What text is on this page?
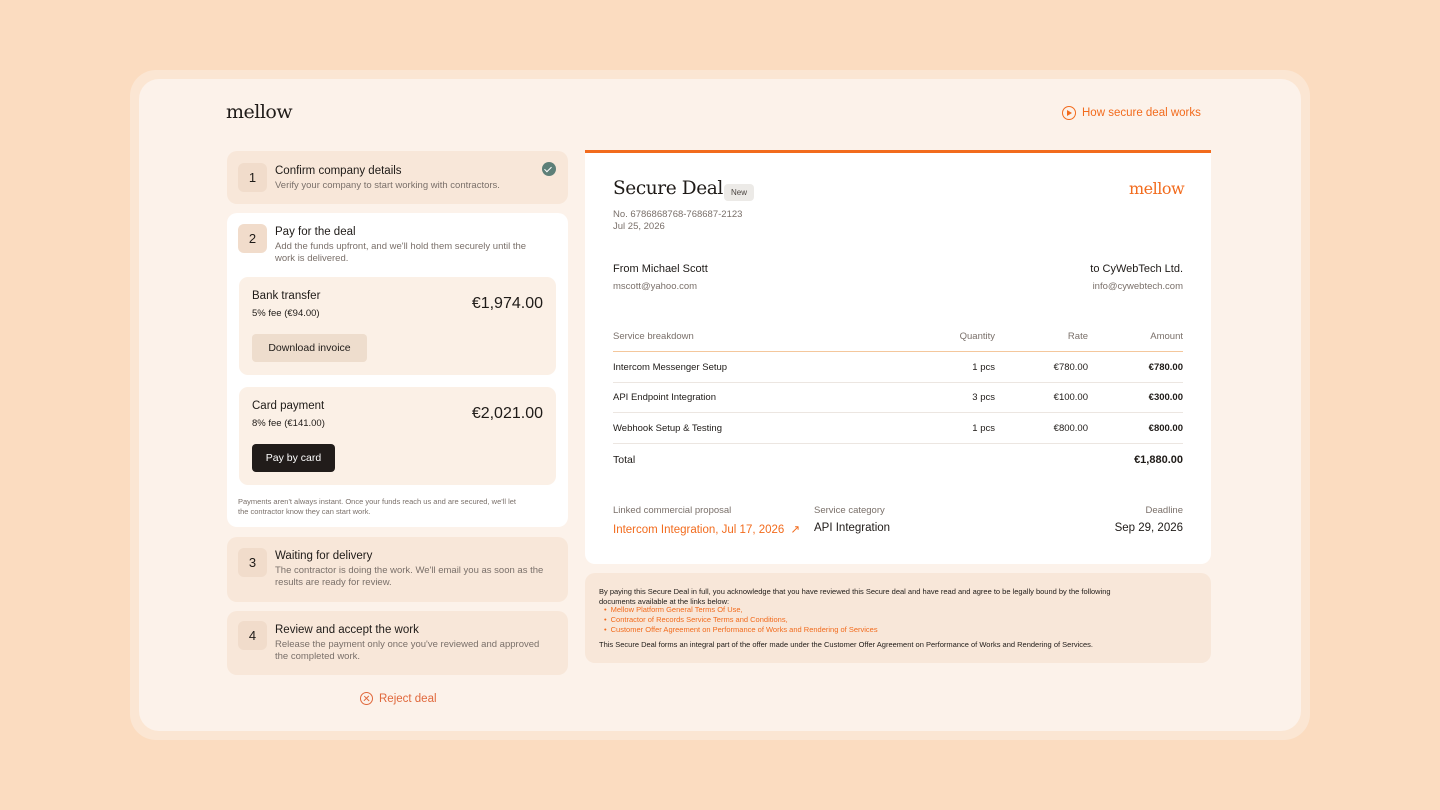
mellow	How secure deal works
1	Confirm company details
Verify your company to start working with contractors.
2	Pay for the deal
Add the funds upfront, and we'll hold them securely until the
work is delivered.
Bank transfer
5% fee (€94.00)
€1,974.00
Download invoice
Card payment
8% fee (€141.00)
€2,021.00
Pay by card
Payments aren't always instant. Once your funds reach us and are secured, we'll let
the contractor know they can start work.
3	Waiting for delivery
The contractor is doing the work. We'll email you as soon as the
results are ready for review.
4	Review and accept the work
Release the payment only once you've reviewed and approved
the completed work.
Reject deal
Secure Deal	New
No. 6786868768-768687-2123
Jul 25, 2026
mellow
From Michael Scott
mscott@yahoo.com
to CyWebTech Ltd.
info@cywebtech.com
Service breakdown	Quantity	Rate	Amount
Intercom Messenger Setup	1 pcs	€780.00	€780.00
API Endpoint Integration	3 pcs	€100.00	€300.00
Webhook Setup & Testing	1 pcs	€800.00	€800.00
Total	€1,880.00
Linked commercial proposal
Intercom Integration, Jul 17, 2026 ↗
Service category
API Integration
Deadline
Sep 29, 2026
By paying this Secure Deal in full, you acknowledge that you have reviewed this Secure deal and have read and agree to be legally bound by the following
documents available at the links below:
• Mellow Platform General Terms Of Use,
• Contractor of Records Service Terms and Conditions,
• Customer Offer Agreement on Performance of Works and Rendering of Services
This Secure Deal forms an integral part of the offer made under the Customer Offer Agreement on Performance of Works and Rendering of Services.
